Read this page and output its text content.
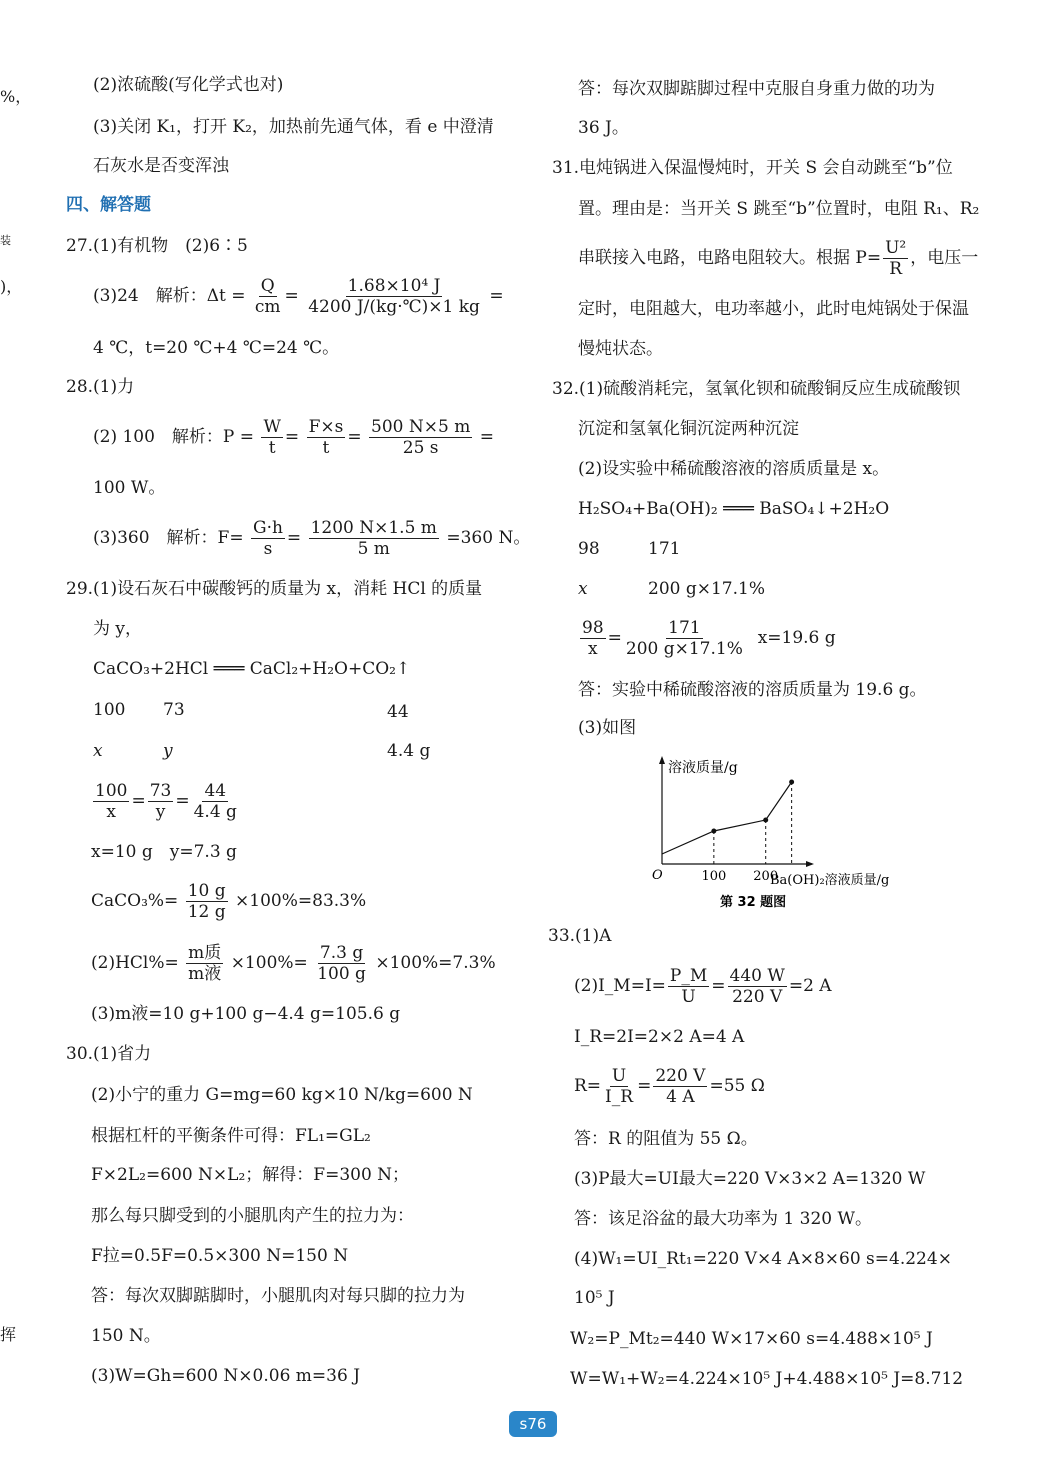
%，
装
)，
挥
(2)浓硫酸(写化学式也对)
(3)关闭 K₁，打开 K₂，加热前先通气体，看 e 中澄清
石灰水是否变浑浊
四、解答题
27.(1)有机物　(2)6∶5
(3)24　解析：$\Delta t = \frac{Q}{cm} = \frac{\text{1.68×10⁴ J}}{4200 J/(kg\cdot℃)\times 1 kg}$ =
4 ℃，t=20 ℃+4 ℃=24 ℃。
28.(1)力
(2) 100　解析：$P = \frac{W}{t} = \frac{F\times s}{t} = \frac{500 N\times 5 m}{25 s}$ =
100 W。
(3)360　解析：$F= \frac{G\cdot h}{s} = \frac{1200 N\times 1.5 m}{5 m} =360$ N。
29.(1)设石灰石中碳酸钙的质量为 x，消耗 HCl 的质量
为 y，
CaCO₃+2HCl ═══ CaCl₂+H₂O+CO₂↑
100 73	44
x	y	4.4 g
$\frac{100}{x} = \frac{73}{y} = \frac{44}{4.4 g}$
x=10 g　y=7.3 g
CaCO₃%= $\frac{10 g}{12 g} \times 100\%=83.3\%$
$(2)HCl\%= \frac{\text{m质}}{\text{m液}} \times 100\%= \frac{7.3 g}{100 g} \times 100\%=7.3\%$
(3)m液=10 g+100 g−4.4 g=105.6 g
30.(1)省力
(2)小宁的重力 G=mg=60 kg×10 N/kg=600 N
根据杠杆的平衡条件可得：FL₁=GL₂
F×2L₂=600 N×L₂；解得：F=300 N；
那么每只脚受到的小腿肌肉产生的拉力为：
F拉=0.5F=0.5×300 N=150 N
答：每次双脚踮脚时，小腿肌肉对每只脚的拉力为
150 N。
(3)W=Gh=600 N×0.06 m=36 J
答：每次双脚踮脚过程中克服自身重力做的功为
36 J。
31.电炖锅进入保温慢炖时，开关 S 会自动跳至“b”位
置。理由是：当开关 S 跳至“b”位置时，电阻 R₁、R₂
串联接入电路，电路电阻较大。根据 $P= \frac{\text{U²}}{R}$ ，电压一
定时，电阻越大，电功率越小，此时电炖锅处于保温
慢炖状态。
32.(1)硫酸消耗完，氢氧化钡和硫酸铜反应生成硫酸钡
沉淀和氢氧化铜沉淀两种沉淀
(2)设实验中稀硫酸溶液的溶质质量是 x。
H₂SO₄+Ba(OH)₂ ═══ BaSO₄↓+2H₂O
98	171
x	200 g×17.1%
$\frac{98}{x} = \frac{171}{200 g\times 17.1\%} x=19.6$ g
答：实验中稀硫酸溶液的溶质质量为 19.6 g。
(3)如图
溶液质量/g
Ba(OH)₂溶液质量/g
O
第 32 题图
100 200
33.(1)A
(2)I_M=I= $\frac{P\_M}{U} = \frac{440 W}{220 V} =2$ A
I_R=2I=2×2 A=4 A
$R= \frac{U}{I\_R} = \frac{220 V}{4 A} =55$ Ω
答：R 的阻值为 55 Ω。
(3)P最大=UI最大=220 V×3×2 A=1320 W
答：该足浴盆的最大功率为 1 320 W。
(4)W₁=UI_Rt₁=220 V×4 A×8×60 s=4.224×
10⁵ J
W₂=P_Mt₂=440 W×17×60 s=4.488×10⁵ J
W=W₁+W₂=4.224×10⁵ J+4.488×10⁵ J=8.712
s76
